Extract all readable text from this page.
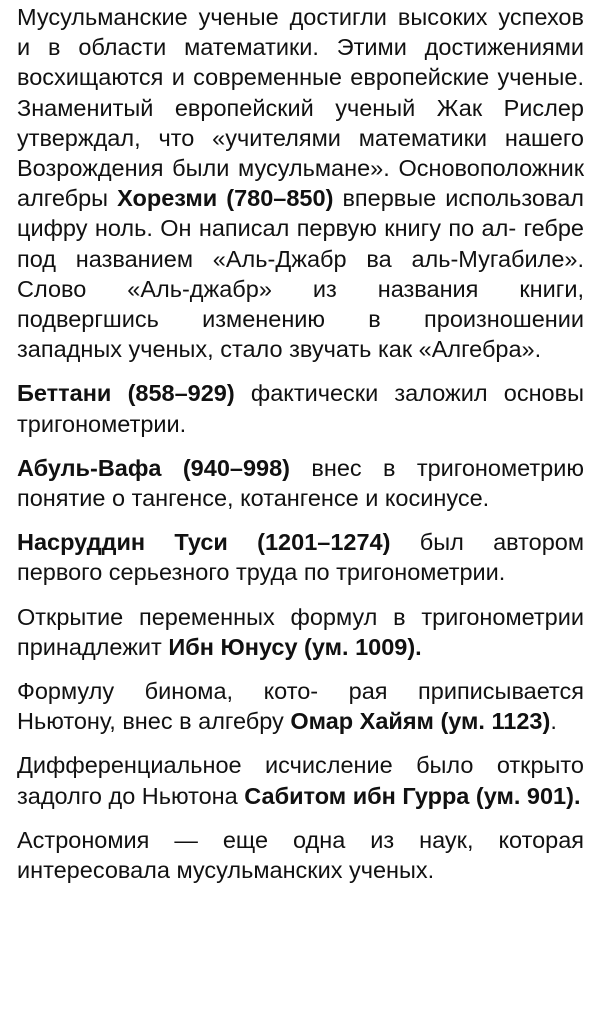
Мусульманские ученые достигли высоких успехов и в области математики. Этими достижениями восхищаются и современные европейские ученые. Знаменитый европейский ученый Жак Рислер утверждал, что «учителями математики нашего Возрождения были мусульмане». Основоположник алгебры Хорезми (780–850) впервые использовал цифру ноль. Он написал первую книгу по ал- гебре под названием «Аль-Джабр ва аль-Мугабиле». Слово «Аль-джабр» из названия книги, подвергшись изменению в произношении западных ученых, стало звучать как «Алгебра».

Беттани (858–929) фактически заложил основы тригонометрии.

Абуль-Вафа (940–998) внес в тригонометрию понятие о тангенсе, котангенсе и косинусе.

Насруддин Туси (1201–1274) был автором первого серьезного труда по тригонометрии.

Открытие переменных формул в тригонометрии принадлежит Ибн Юнусу (ум. 1009).

Формулу бинома, кото- рая приписывается Ньютону, внес в алгебру Омар Хайям (ум. 1123).

Дифференциальное исчисление было открыто задолго до Ньютона Сабитом ибн Гурра (ум. 901).

Астрономия — еще одна из наук, которая интересовала мусульманских ученых.
